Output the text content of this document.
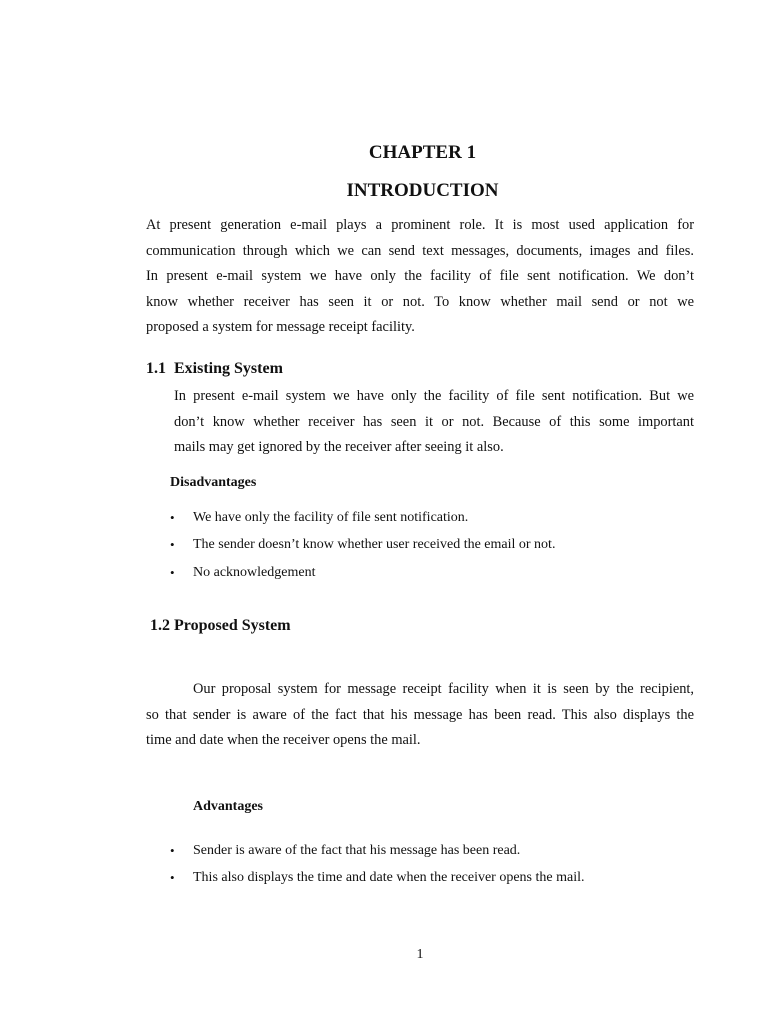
CHAPTER 1
INTRODUCTION
At present generation e-mail plays a prominent role. It is most used application for
communication through which we can send text messages, documents, images and files.
In present e-mail system we have only the facility of file sent notification. We don’t
know whether receiver has seen it or not. To know whether mail send or not we
proposed a system for message receipt facility.
1.1  Existing System
In present e-mail system we have only the facility of file sent notification. But we
don’t know whether receiver has seen it or not. Because of this some important
mails may get ignored by the receiver after seeing it also.
Disadvantages
• We have only the facility of file sent notification.
• The sender doesn’t know whether user received the email or not.
• No acknowledgement
1.2 Proposed System
Our proposal system for message receipt facility when it is seen by the recipient,
so that sender is aware of the fact that his message has been read. This also displays the
time and date when the receiver opens the mail.
Advantages
• Sender is aware of the fact that his message has been read.
• This also displays the time and date when the receiver opens the mail.
1
